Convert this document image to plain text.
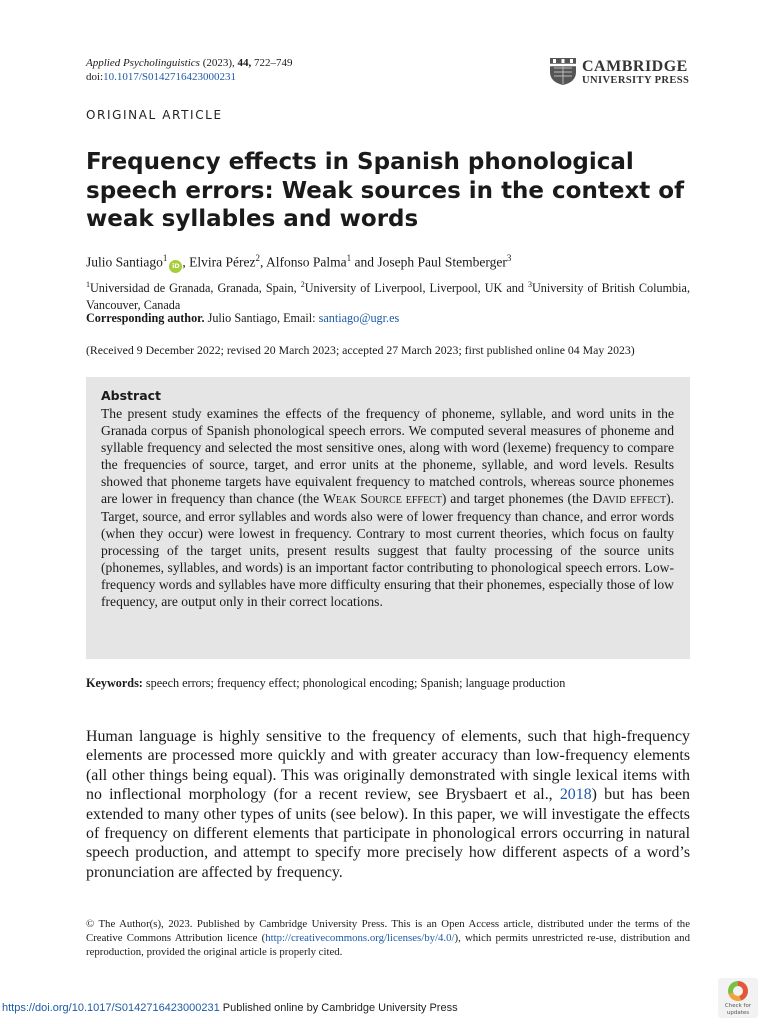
Applied Psycholinguistics (2023), 44, 722–749
doi:10.1017/S0142716423000231
CAMBRIDGE
UNIVERSITY PRESS
ORIGINAL ARTICLE
Frequency effects in Spanish phonological speech errors: Weak sources in the context of weak syllables and words
Julio Santiago$^1$iD , Elvira Pérez$^2$, Alfonso Palma$^1$ and Joseph Paul Stemberger$^3$
$^1$Universidad de Granada, Granada, Spain, $^2$University of Liverpool, Liverpool, UK and $^3$University of British Columbia, Vancouver, Canada
Corresponding author. Julio Santiago, Email: santiago@ugr.es
(Received 9 December 2022; revised 20 March 2023; accepted 27 March 2023; first published online 04 May 2023)
Abstract

The present study examines the effects of the frequency of phoneme, syllable, and word units in the Granada corpus of Spanish phonological speech errors. We computed several measures of phoneme and syllable frequency and selected the most sensitive ones, along with word (lexeme) frequency to compare the frequencies of source, target, and error units at the phoneme, syllable, and word levels. Results showed that phoneme targets have equivalent frequency to matched controls, whereas source phonemes are lower in frequency than chance (the Weak Source effect) and target phonemes (the David effect). Target, source, and error syllables and words also were of lower frequency than chance, and error words (when they occur) were lowest in frequency. Contrary to most current theories, which focus on faulty processing of the target units, present results suggest that faulty processing of the source units (phonemes, syllables, and words) is an important factor contributing to phonological speech errors. Low-frequency words and syllables have more difficulty ensuring that their phonemes, especially those of low frequency, are output only in their correct locations.

Keywords: speech errors; frequency effect; phonological encoding; Spanish; language production

Human language is highly sensitive to the frequency of elements, such that high-frequency elements are processed more quickly and with greater accuracy than low-frequency elements (all other things being equal). This was originally demonstrated with single lexical items with no inflectional morphology (for a recent review, see Brysbaert et al., 2018) but has been extended to many other types of units (see below). In this paper, we will investigate the effects of frequency on different elements that participate in phonological errors occurring in natural speech production, and attempt to specify more precisely how different aspects of a word’s pronunciation are affected by frequency.

© The Author(s), 2023. Published by Cambridge University Press. This is an Open Access article, distributed under the terms of the Creative Commons Attribution licence (http://creativecommons.org/licenses/by/4.0/), which permits unrestricted re-use, distribution and reproduction, provided the original article is properly cited.

https://doi.org/10.1017/S0142716423000231 Published online by Cambridge University Press	Check for
updates
